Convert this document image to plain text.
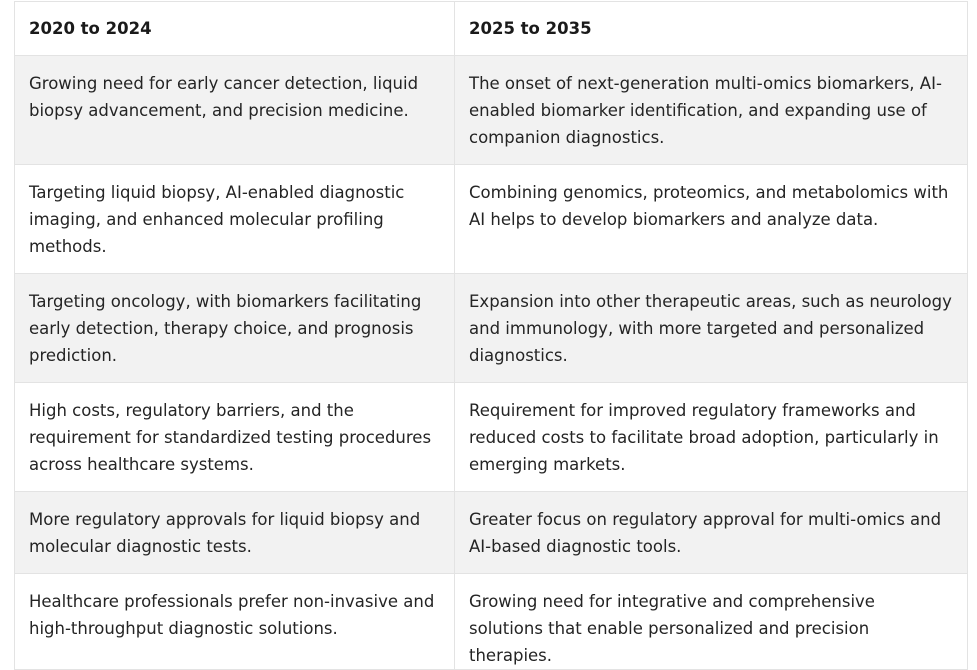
2020 to 2024	2025 to 2035
Growing need for early cancer detection, liquid biopsy advancement, and precision medicine.	The onset of next-generation multi-omics biomarkers, AI-enabled biomarker identification, and expanding use of companion diagnostics.
Targeting liquid biopsy, AI-enabled diagnostic imaging, and enhanced molecular profiling methods.	Combining genomics, proteomics, and metabolomics with AI helps to develop biomarkers and analyze data.
Targeting oncology, with biomarkers facilitating early detection, therapy choice, and prognosis prediction.	Expansion into other therapeutic areas, such as neurology and immunology, with more targeted and personalized diagnostics.
High costs, regulatory barriers, and the requirement for standardized testing procedures across healthcare systems.	Requirement for improved regulatory frameworks and reduced costs to facilitate broad adoption, particularly in emerging markets.
More regulatory approvals for liquid biopsy and molecular diagnostic tests.	Greater focus on regulatory approval for multi-omics and AI-based diagnostic tools.
Healthcare professionals prefer non-invasive and high-throughput diagnostic solutions.	Growing need for integrative and comprehensive solutions that enable personalized and precision therapies.
